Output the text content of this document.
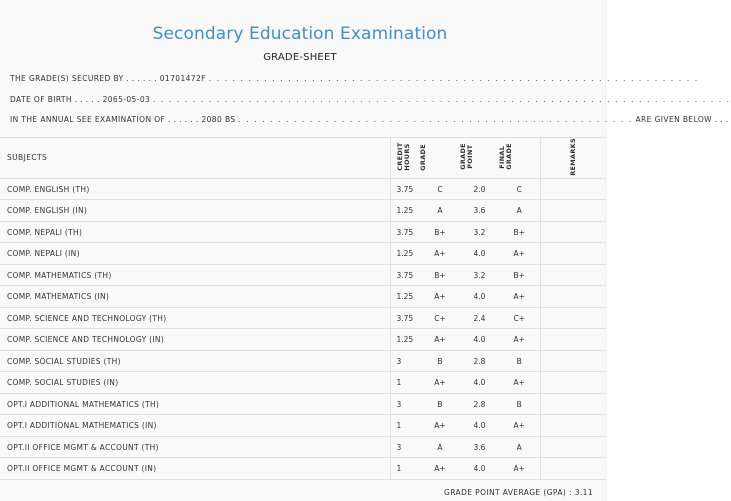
Secondary Education Examination
GRADE-SHEET
THE GRADE(S) SECURED BY . . . . . . 01701472F . . . . . . . . . . . . . . . . . . . . . . . . . . . . . . . . . . . . . . . . . . . . . . . . . . . . . . . . . . . . . .
DATE OF BIRTH . . . . . 2065-05-03 . . . . . . . . . . . . . . . . . . . . . . . . . . . . . . . . . . . . . . . . . . . . . . . . . . . . . . . . . . . . . . . . . . . . . . . . .
IN THE ANNUAL SEE EXAMINATION OF . . . . . . 2080 BS . . . . . . . . . . . . . . . . . . . . . . . . . . . . . . . . . . . . . . . . . . . . . . . . . . ARE GIVEN BELOW . . .
SUBJECTS	CREDIT HOURS	GRADE	GRADE POINT	FINAL GRADE	REMARKS
COMP. ENGLISH (TH)	3.75	C	2.0	C	
COMP. ENGLISH (IN)	1.25	A	3.6	A	
COMP. NEPALI (TH)	3.75	B+	3.2	B+	
COMP. NEPALI (IN)	1.25	A+	4.0	A+	
COMP. MATHEMATICS (TH)	3.75	B+	3.2	B+	
COMP. MATHEMATICS (IN)	1.25	A+	4.0	A+	
COMP. SCIENCE AND TECHNOLOGY (TH)	3.75	C+	2.4	C+	
COMP. SCIENCE AND TECHNOLOGY (IN)	1.25	A+	4.0	A+	
COMP. SOCIAL STUDIES (TH)	3	B	2.8	B	
COMP. SOCIAL STUDIES (IN)	1	A+	4.0	A+	
OPT.I ADDITIONAL MATHEMATICS (TH)	3	B	2.8	B	
OPT.I ADDITIONAL MATHEMATICS (IN)	1	A+	4.0	A+	
OPT.II OFFICE MGMT & ACCOUNT (TH)	3	A	3.6	A	
OPT.II OFFICE MGMT & ACCOUNT (IN)	1	A+	4.0	A+	
GRADE POINT AVERAGE (GPA) : 3.11
